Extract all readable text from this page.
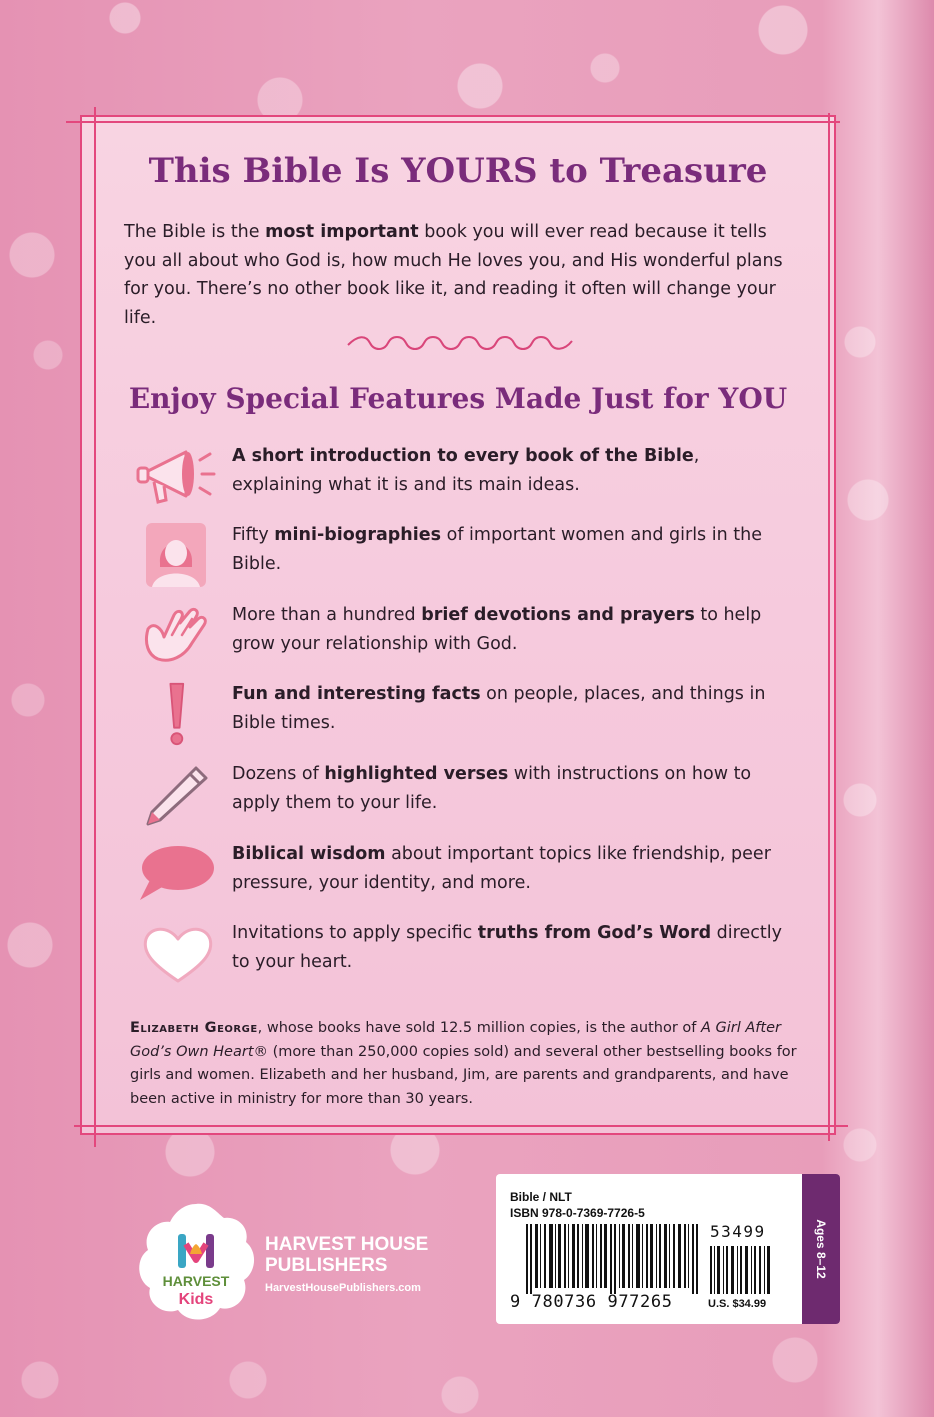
This Bible Is YOURS to Treasure

The Bible is the most important book you will ever read because it tells you all about who God is, how much He loves you, and His wonderful plans for you. There’s no other book like it, and reading it often will change your life.

Enjoy Special Features Made Just for YOU

A short introduction to every book of the Bible, explaining what it is and its main ideas.

Fifty mini-biographies of important women and girls in the Bible.

More than a hundred brief devotions and prayers to help grow your relationship with God.

Fun and interesting facts on people, places, and things in Bible times.

Dozens of highlighted verses with instructions on how to apply them to your life.

Biblical wisdom about important topics like friendship, peer pressure, your identity, and more.

Invitations to apply specific truths from God’s Word directly to your heart.

Elizabeth George, whose books have sold 12.5 million copies, is the author of A Girl After God’s Own Heart® (more than 250,000 copies sold) and several other bestselling books for girls and women. Elizabeth and her husband, Jim, are parents and grandparents, and have been active in ministry for more than 30 years.

HARVEST
Kids

HARVEST HOUSE
PUBLISHERS

HarvestHousePublishers.com

Bible / NLT

ISBN 978-0-7369-7726-5

9 780736 977265

53499

U.S. $34.99

Ages 8–12
